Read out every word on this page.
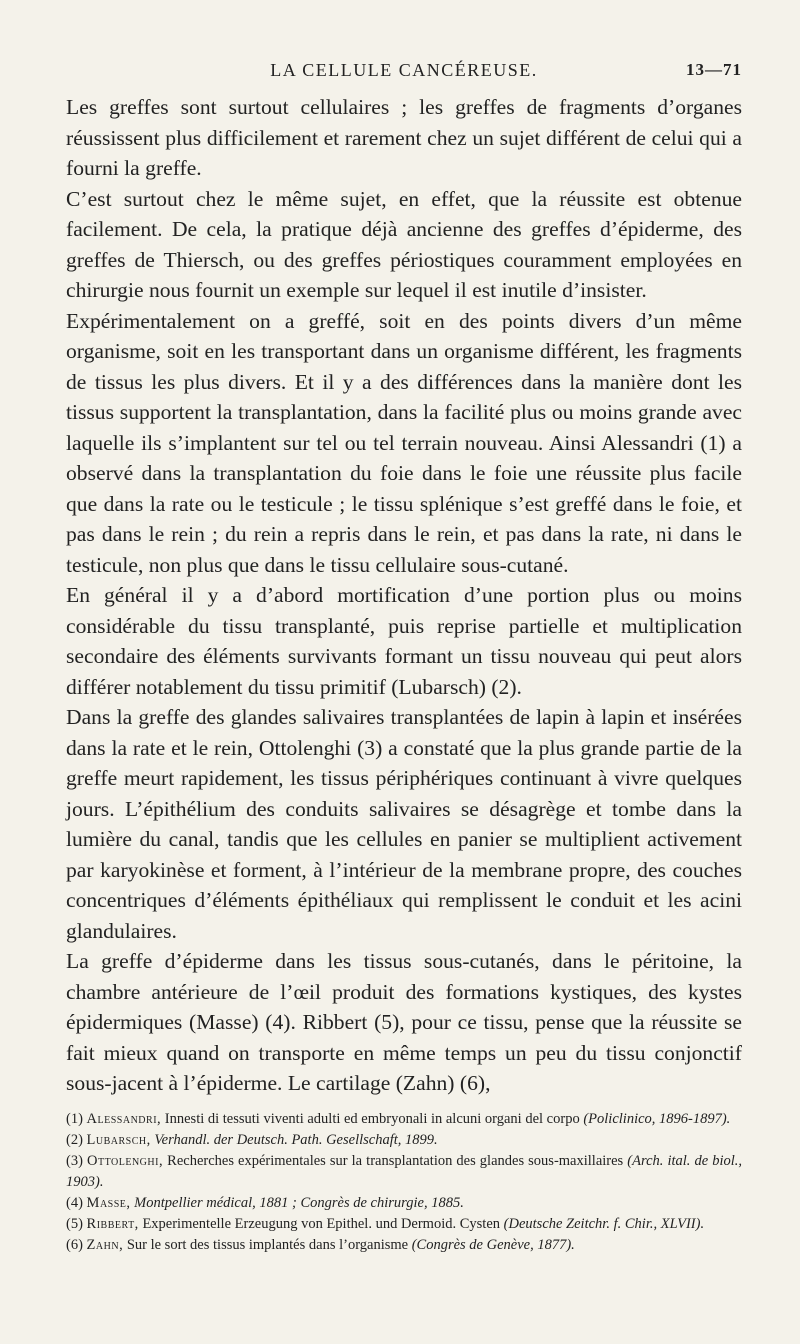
LA CELLULE CANCÉREUSE.	13—71

Les greffes sont surtout cellulaires ; les greffes de fragments d’organes réussissent plus difficilement et rarement chez un sujet différent de celui qui a fourni la greffe.

C’est surtout chez le même sujet, en effet, que la réussite est obtenue facilement. De cela, la pratique déjà ancienne des greffes d’épiderme, des greffes de Thiersch, ou des greffes périostiques couramment employées en chirurgie nous fournit un exemple sur lequel il est inutile d’insister.

Expérimentalement on a greffé, soit en des points divers d’un même organisme, soit en les transportant dans un organisme différent, les fragments de tissus les plus divers. Et il y a des différences dans la manière dont les tissus supportent la transplantation, dans la facilité plus ou moins grande avec laquelle ils s’implantent sur tel ou tel terrain nouveau. Ainsi Alessandri (1) a observé dans la transplantation du foie dans le foie une réussite plus facile que dans la rate ou le testicule ; le tissu splénique s’est greffé dans le foie, et pas dans le rein ; du rein a repris dans le rein, et pas dans la rate, ni dans le testicule, non plus que dans le tissu cellulaire sous-cutané.

En général il y a d’abord mortification d’une portion plus ou moins considérable du tissu transplanté, puis reprise partielle et multiplication secondaire des éléments survivants formant un tissu nouveau qui peut alors différer notablement du tissu primitif (Lubarsch) (2).

Dans la greffe des glandes salivaires transplantées de lapin à lapin et insérées dans la rate et le rein, Ottolenghi (3) a constaté que la plus grande partie de la greffe meurt rapidement, les tissus périphériques continuant à vivre quelques jours. L’épithélium des conduits salivaires se désagrège et tombe dans la lumière du canal, tandis que les cellules en panier se multiplient activement par karyokinèse et forment, à l’intérieur de la membrane propre, des couches concentriques d’éléments épithéliaux qui remplissent le conduit et les acini glandulaires.

La greffe d’épiderme dans les tissus sous-cutanés, dans le péritoine, la chambre antérieure de l’œil produit des formations kystiques, des kystes épidermiques (Masse) (4). Ribbert (5), pour ce tissu, pense que la réussite se fait mieux quand on transporte en même temps un peu du tissu conjonctif sous-jacent à l’épiderme. Le cartilage (Zahn) (6),

(1) Alessandri, Innesti di tessuti viventi adulti ed embryonali in alcuni organi del corpo (Policlinico, 1896-1897).

(2) Lubarsch, Verhandl. der Deutsch. Path. Gesellschaft, 1899.

(3) Ottolenghi, Recherches expérimentales sur la transplantation des glandes sous-maxillaires (Arch. ital. de biol., 1903).

(4) Masse, Montpellier médical, 1881 ; Congrès de chirurgie, 1885.

(5) Ribbert, Experimentelle Erzeugung von Epithel. und Dermoid. Cysten (Deutsche Zeitchr. f. Chir., XLVII).

(6) Zahn, Sur le sort des tissus implantés dans l’organisme (Congrès de Genève, 1877).
